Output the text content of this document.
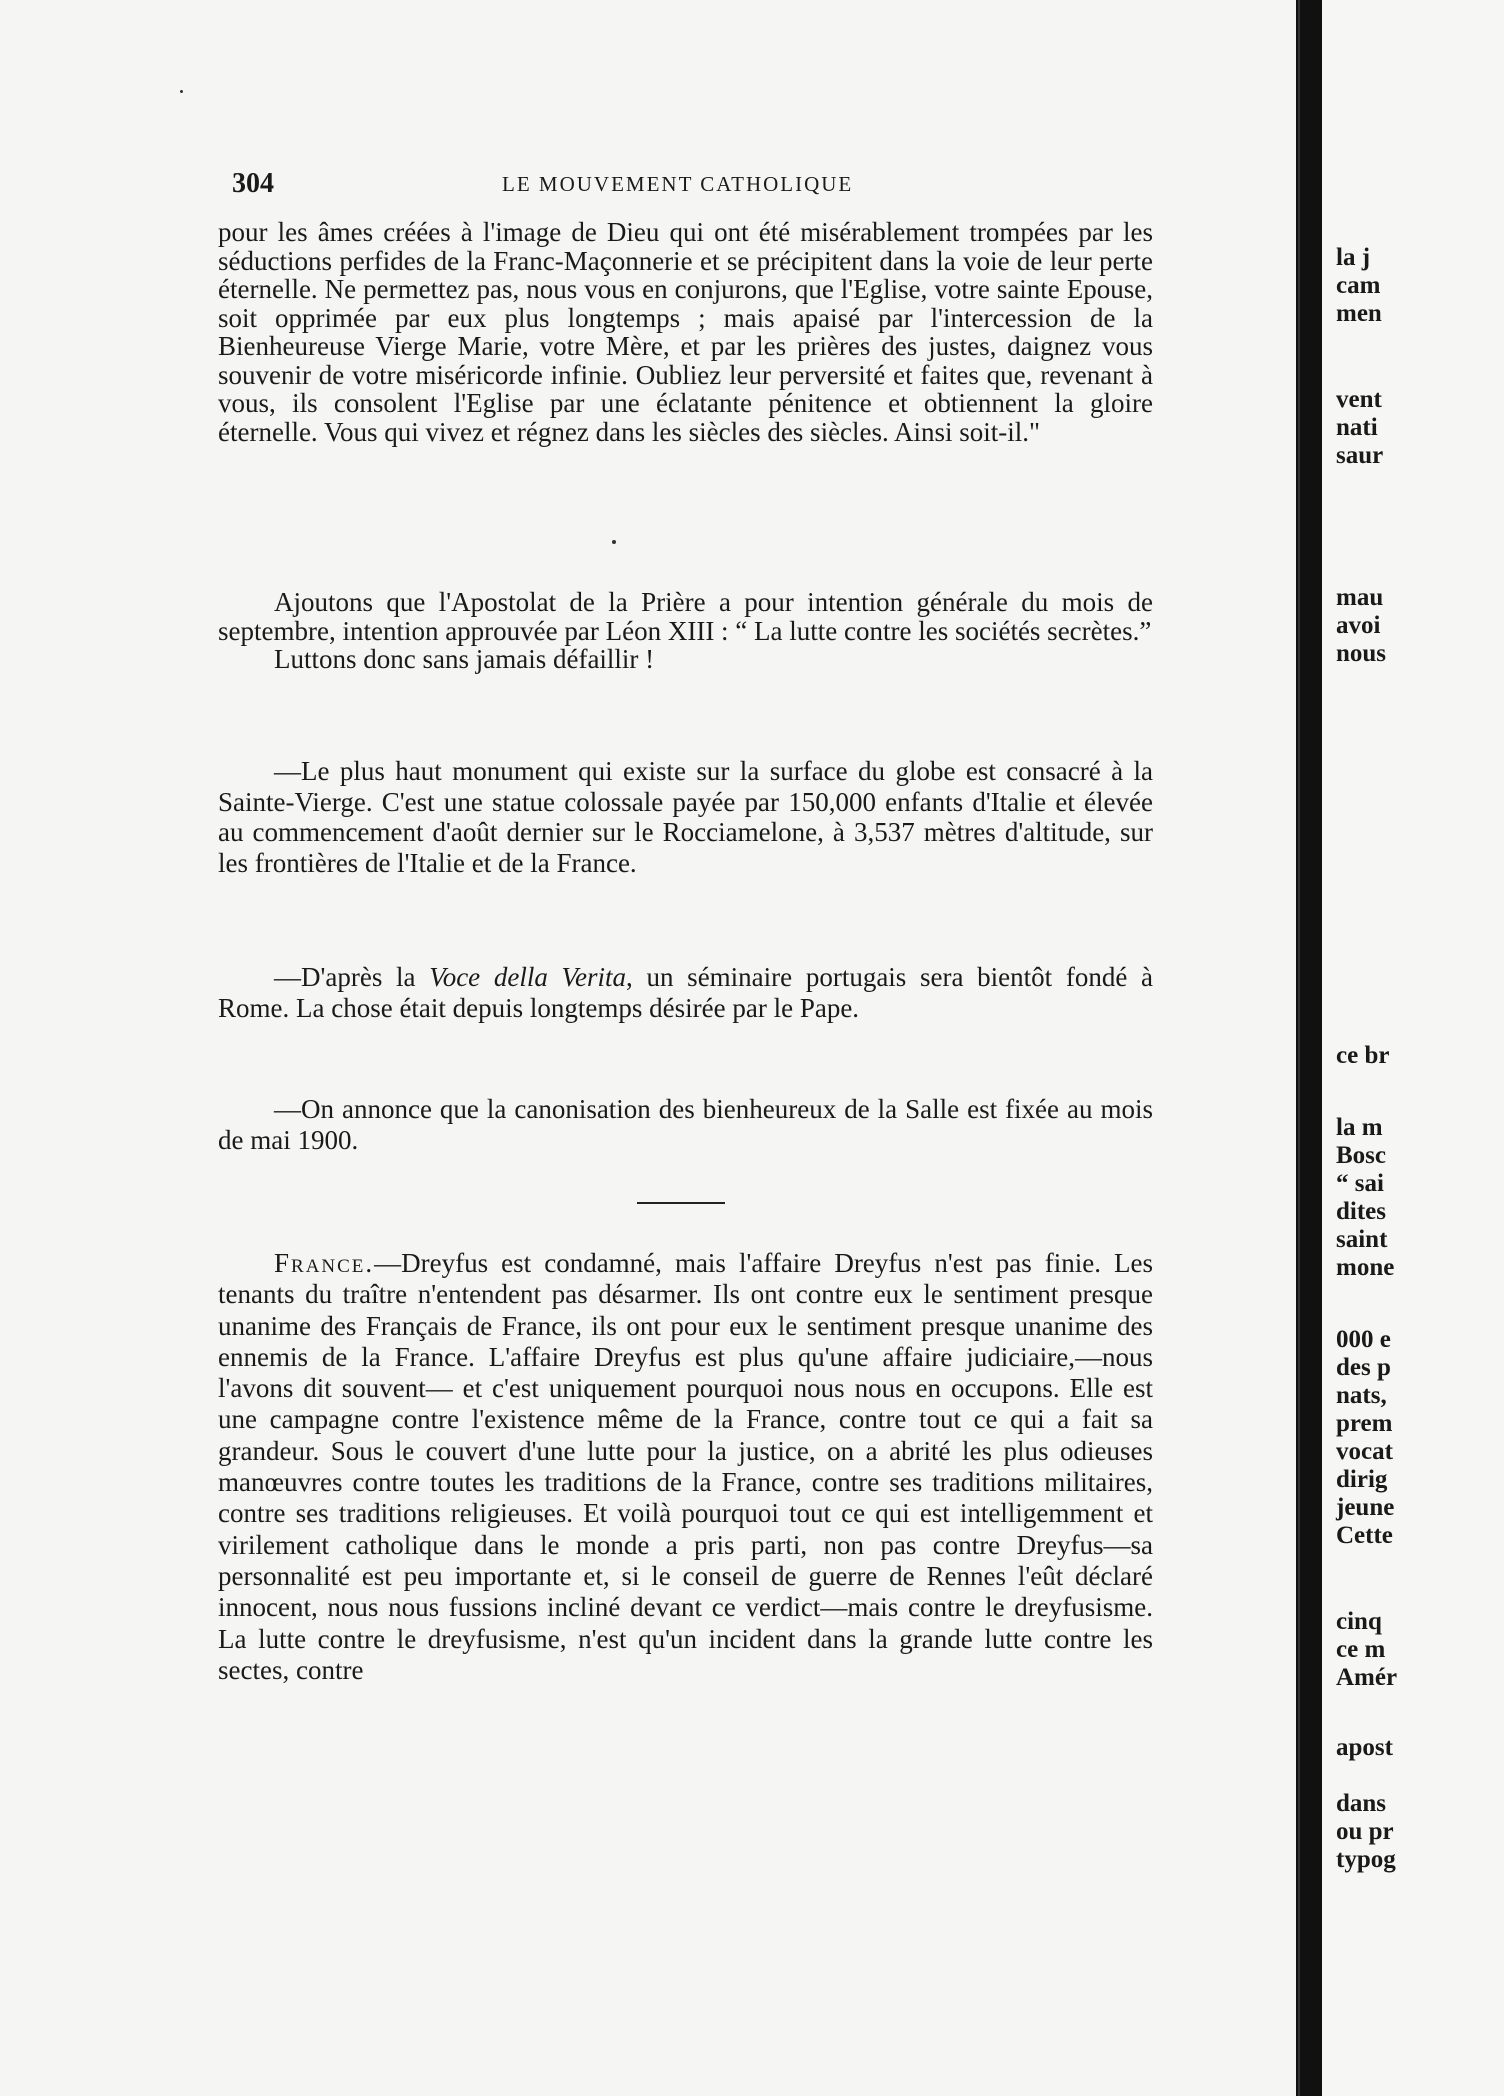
304	LE MOUVEMENT CATHOLIQUE

pour les âmes créées à l'image de Dieu qui ont été misérablement trompées par les séductions perfides de la Franc-Maçonnerie et se précipitent dans la voie de leur perte éternelle. Ne permettez pas, nous vous en conjurons, que l'Eglise, votre sainte Epouse, soit opprimée par eux plus longtemps ; mais apaisé par l'intercession de la Bienheureuse Vierge Marie, votre Mère, et par les prières des justes, daignez vous souvenir de votre miséricorde infinie. Oubliez leur perversité et faites que, revenant à vous, ils consolent l'Eglise par une éclatante pénitence et obtiennent la gloire éternelle. Vous qui vivez et régnez dans les siècles des siècles. Ainsi soit-il."

Ajoutons que l'Apostolat de la Prière a pour intention générale du mois de septembre, intention approuvée par Léon XIII : “ La lutte contre les sociétés secrètes.”

Luttons donc sans jamais défaillir !

—Le plus haut monument qui existe sur la surface du globe est consacré à la Sainte-Vierge. C'est une statue colossale payée par 150,000 enfants d'Italie et élevée au commencement d'août dernier sur le Rocciamelone, à 3,537 mètres d'altitude, sur les frontières de l'Italie et de la France.

—D'après la Voce della Verita, un séminaire portugais sera bientôt fondé à Rome. La chose était depuis longtemps désirée par le Pape.

—On annonce que la canonisation des bienheureux de la Salle est fixée au mois de mai 1900.

France.—Dreyfus est condamné, mais l'affaire Dreyfus n'est pas finie. Les tenants du traître n'entendent pas désarmer. Ils ont contre eux le sentiment presque unanime des Français de France, ils ont pour eux le sentiment presque unanime des ennemis de la France. L'affaire Dreyfus est plus qu'une affaire judiciaire,—nous l'avons dit souvent— et c'est uniquement pourquoi nous nous en occupons. Elle est une campagne contre l'existence même de la France, contre tout ce qui a fait sa grandeur. Sous le couvert d'une lutte pour la justice, on a abrité les plus odieuses manœuvres contre toutes les traditions de la France, contre ses traditions militaires, contre ses traditions religieuses. Et voilà pourquoi tout ce qui est intelligemment et virilement catholique dans le monde a pris parti, non pas contre Dreyfus—sa personnalité est peu importante et, si le conseil de guerre de Rennes l'eût déclaré innocent, nous nous fussions incliné devant ce verdict—mais contre le dreyfusisme. La lutte contre le dreyfusisme, n'est qu'un incident dans la grande lutte contre les sectes, contre

la j
cam
men
vent
nati
saur
mau
avoi
nous
ce br
la m
Bosc
“ sai
dites
saint
mone
000 e
des p
nats,
prem
vocat
dirig
jeune
Cette
cinq
ce m
Amér
apost
dans
ou pr
typog
